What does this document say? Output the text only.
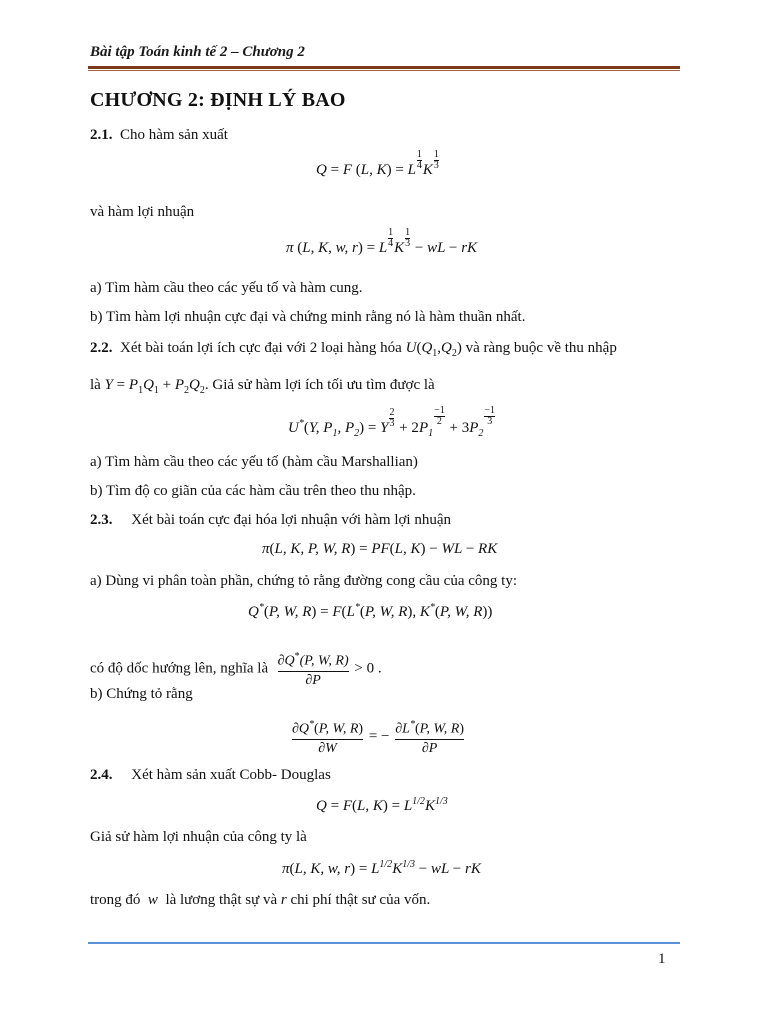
Bài tập Toán kinh tế 2 – Chương 2
CHƯƠNG 2: ĐỊNH LÝ BAO
2.1. Cho hàm sản xuất
Q = F (L, K) = L $\frac{1}{4}$ K $\frac{1}{3}$
và hàm lợi nhuận
π (L, K, w, r) = L $\frac{1}{4}$ K $\frac{1}{3}$ − wL − rK
a) Tìm hàm cầu theo các yếu tố và hàm cung.
b) Tìm hàm lợi nhuận cực đại và chứng minh rằng nó là hàm thuần nhất.
2.2. Xét bài toán lợi ích cực đại với 2 loại hàng hóa $U(Q_1,Q_2)$ và ràng buộc về thu nhập
là $Y = P_1Q_1 + P_2Q_2$. Giả sử hàm lợi ích tối ưu tìm được là
U*(Y, $P_1$, $P_2) = Y \frac{2}{3} + 2P_1$
$\frac{-1}{2}$
+ $3P_2$
$\frac{-1}{3}$
a) Tìm hàm cầu theo các yếu tố (hàm cầu Marshallian)
b) Tìm độ co giãn của các hàm cầu trên theo thu nhập.
2.3. Xét bài toán cực đại hóa lợi nhuận với hàm lợi nhuận
π(L, K, P, W, R) = PF(L, K) − WL − RK
a) Dùng vi phân toàn phần, chứng tỏ rằng đường cong cầu của công ty:
Q*(P, W, R) = F(L*(P, W, R), K*(P, W, R))
có độ dốc hướng lên, nghĩa là $\frac{\partial Q^*(P, W, R)}{\partial P} > 0$ .
b) Chứng tỏ rằng
$\frac{\partial Q^*(P, W, R)}{\partial W}$ = − $\frac{\partial L^*(P, W, R)}{\partial P}$
2.4. Xét hàm sản xuất Cobb- Douglas
Q = F(L, $K) = L^{1/2}K^{1/3}$
Giả sử hàm lợi nhuận của công ty là
π(L, K, w, $r) = L^{1/2}K^{1/3}$ − wL − rK
trong đó w là lương thật sự và r chi phí thật sư của vốn.
1
